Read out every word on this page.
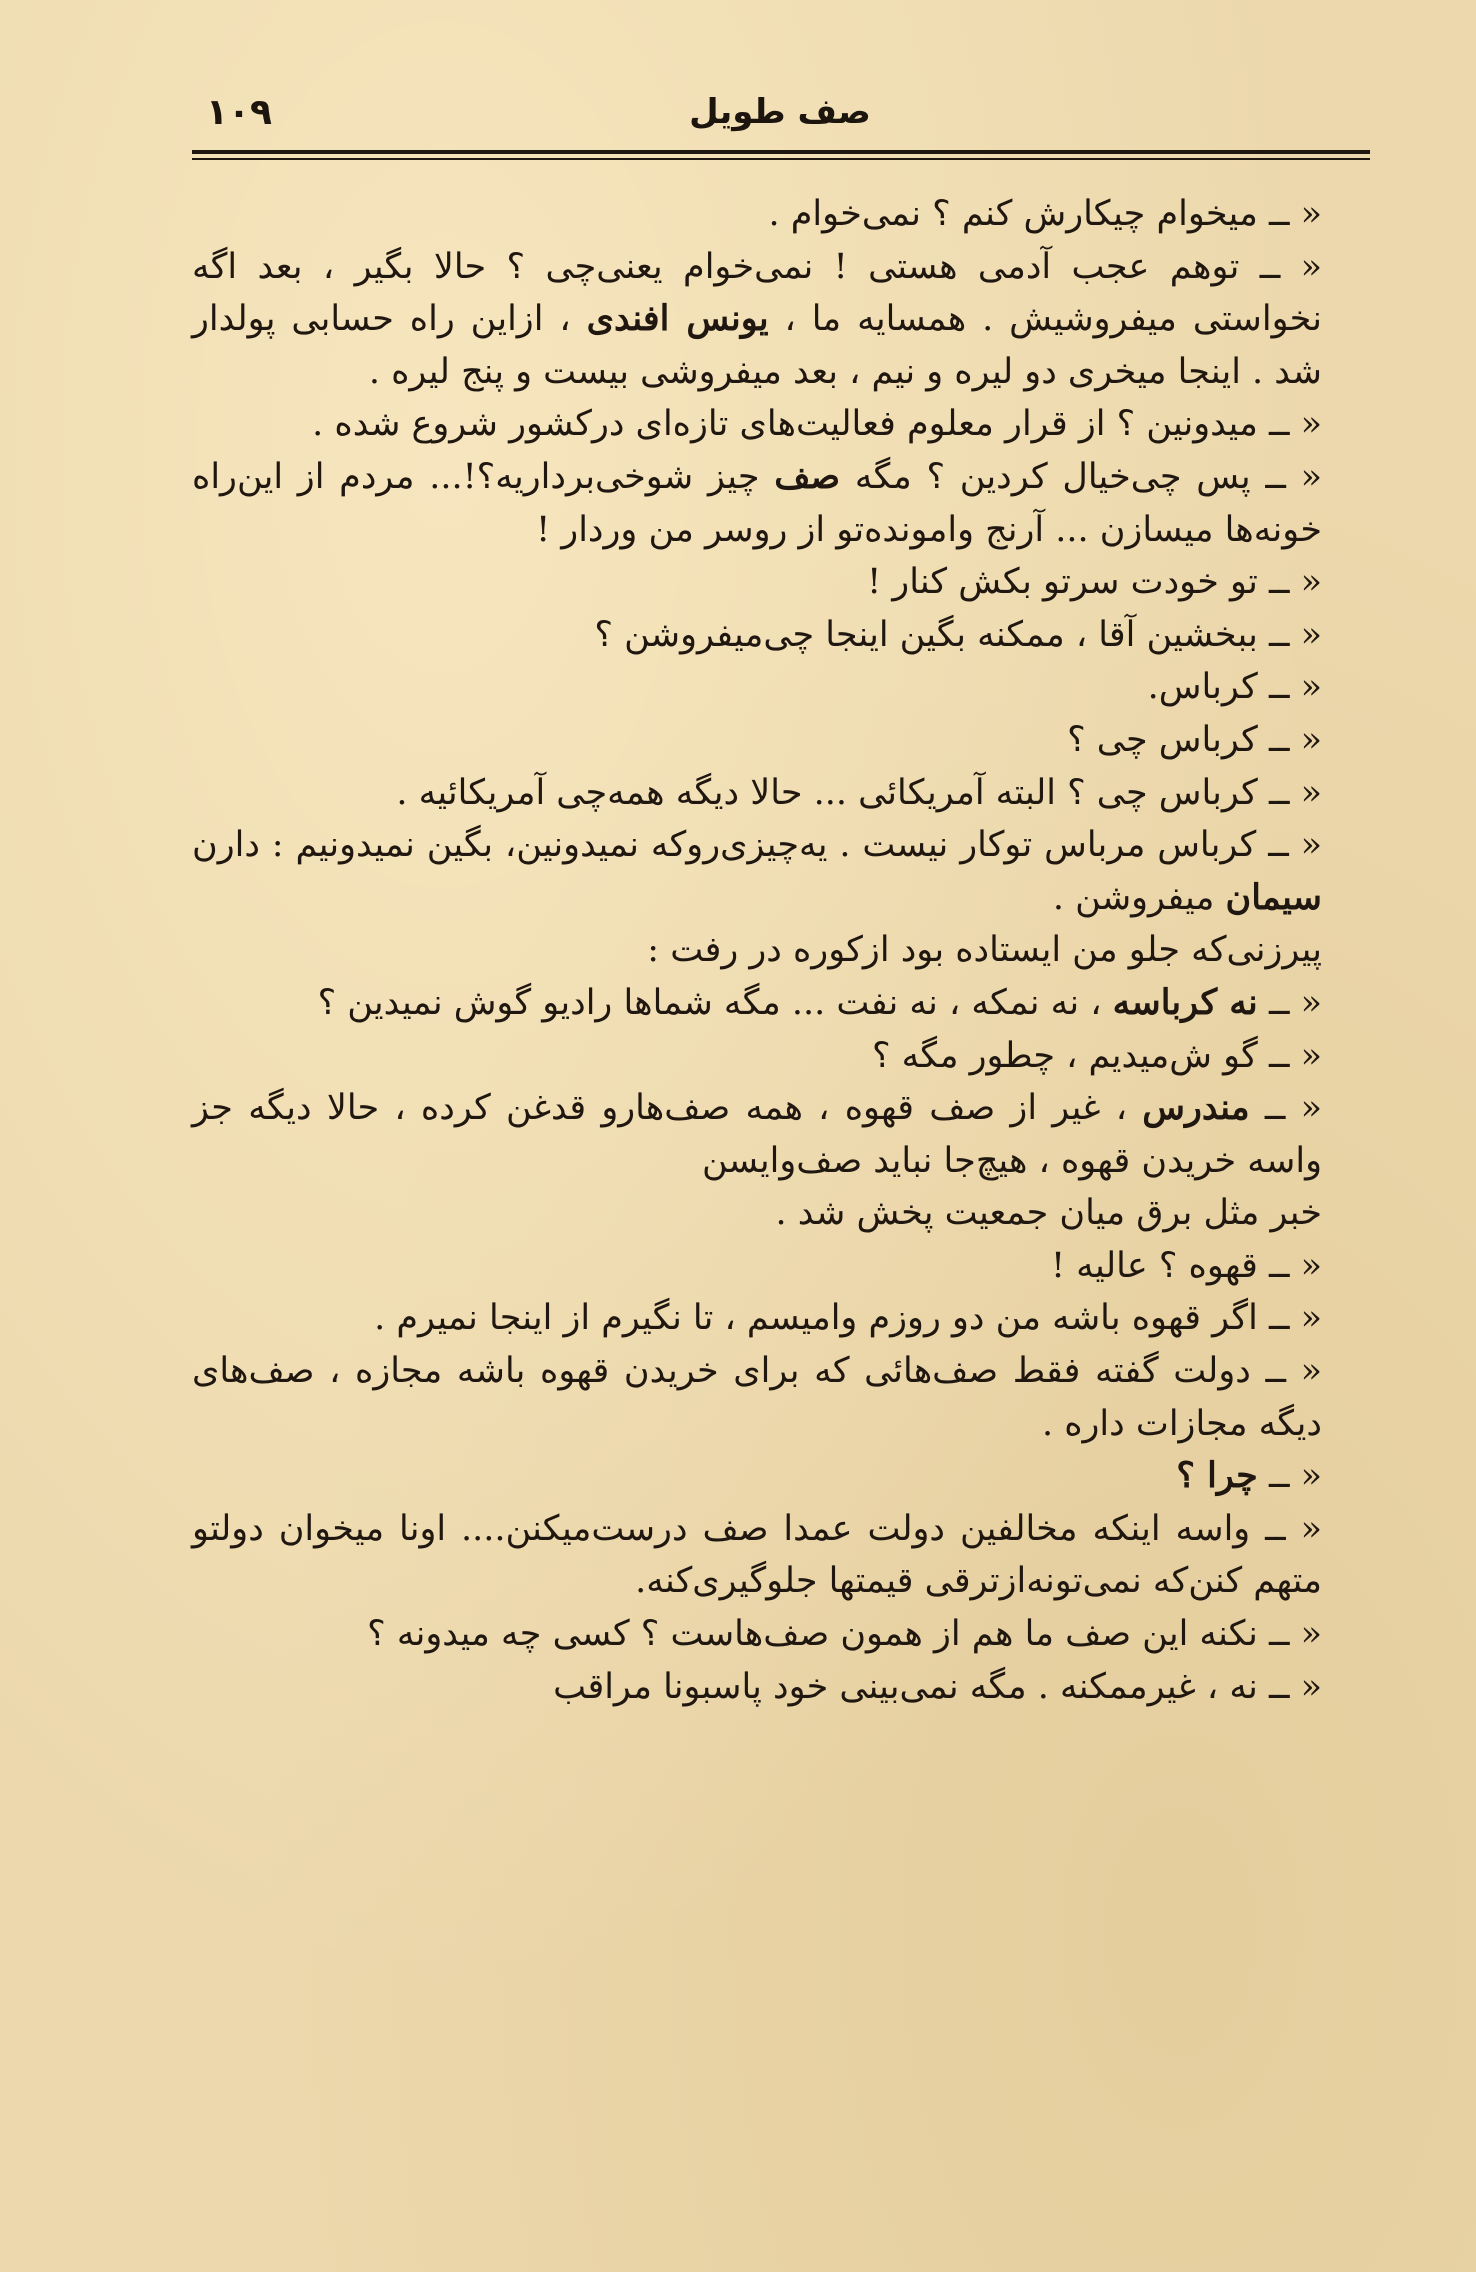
۱۰۹	صف طویل

« ــ میخوام چیکارش کنم ؟ نمی‌خوام .

« ــ توهم عجب آدمی هستی ! نمی‌خوام یعنی‌چی ؟ حالا بگیر ، بعد اگه نخواستی میفروشیش . همسایه ما ، یونس افندی ، ازاین راه حسابی پولدار شد . اینجا میخری دو لیره و نیم ، بعد میفروشی بیست و پنج لیره .

« ــ میدونین ؟ از قرار معلوم فعالیت‌های تازه‌ای درکشور شروع شده .

« ــ پس چی‌خیال کردین ؟ مگه صف چیز شوخی‌برداریه؟!... مردم از این‌راه خونه‌ها میسازن ... آرنج وامونده‌تو از روسر من وردار !

« ــ تو خودت سرتو بکش کنار !

« ــ ببخشین آقا ، ممکنه بگین اینجا چی‌میفروشن ؟

« ــ کرباس.

« ــ کرباس چی ؟

« ــ کرباس چی ؟ البته آمریکائی ... حالا دیگه همه‌چی آمریکائیه .

« ــ کرباس مرباس توکار نیست . یه‌چیزی‌روکه نمیدونین، بگین نمیدونیم : دارن سیمان میفروشن .

پیرزنی‌که جلو من ایستاده بود ازکوره در رفت :

« ــ نه کرباسه ، نه نمکه ، نه نفت ... مگه شماها رادیو گوش نمیدین ؟

« ــ گو ش‌میدیم ، چطور مگه ؟

« ــ مندرس ، غیر از صف قهوه ، همه صف‌هارو قدغن کرده ، حالا دیگه جز واسه خریدن قهوه ، هیچ‌جا نباید صف‌وایسن

خبر مثل برق میان جمعیت پخش شد .

« ــ قهوه ؟ عالیه !

« ــ اگر قهوه باشه من دو روزم وامیسم ، تا نگیرم از اینجا نمیرم .

« ــ دولت گفته فقط صف‌هائی که برای خریدن قهوه باشه مجازه ، صف‌های دیگه مجازات داره .

« ــ چرا ؟

« ــ واسه اینکه مخالفین دولت عمدا صف درست‌میکنن.... اونا میخوان دولتو متهم کنن‌که نمی‌تونه‌ازترقی قیمتها جلوگیری‌کنه.

« ــ نکنه این صف ما هم از همون صف‌هاست ؟ کسی چه میدونه ؟

« ــ نه ، غیرممکنه . مگه نمی‌بینی خود پاسبونا مراقب
